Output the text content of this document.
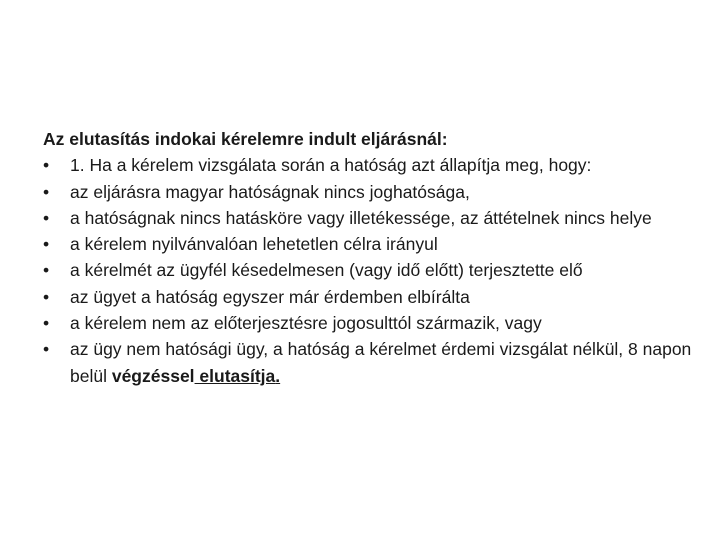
Az elutasítás indokai kérelemre indult eljárásnál:

•	1. Ha a kérelem vizsgálata során a hatóság azt állapítja meg, hogy:
•	az eljárásra magyar hatóságnak nincs joghatósága,
•	a hatóságnak nincs hatásköre vagy illetékessége, az áttételnek nincs helye
•	a kérelem nyilvánvalóan lehetetlen célra irányul
•	a kérelmét az ügyfél késedelmesen (vagy idő előtt) terjesztette elő
•	az ügyet a hatóság egyszer már érdemben elbírálta
•	a kérelem nem az előterjesztésre jogosulttól származik, vagy
•	az ügy nem hatósági ügy, a hatóság a kérelmet érdemi vizsgálat nélkül, 8 napon belül végzéssel elutasítja.
